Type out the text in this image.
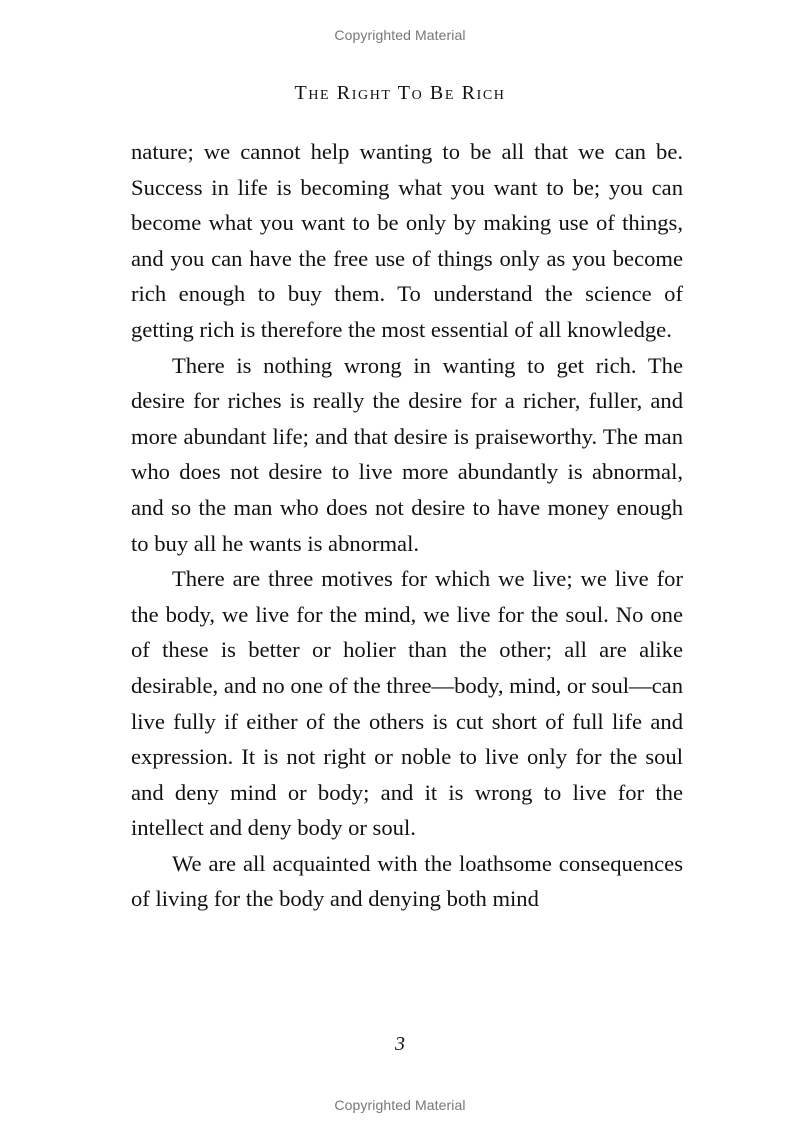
Copyrighted Material
The Right To Be Rich

nature; we cannot help wanting to be all that we can be. Success in life is becoming what you want to be; you can become what you want to be only by making use of things, and you can have the free use of things only as you become rich enough to buy them. To understand the science of getting rich is therefore the most essential of all knowledge.

There is nothing wrong in wanting to get rich. The desire for riches is really the desire for a richer, fuller, and more abundant life; and that desire is praiseworthy. The man who does not desire to live more abundantly is abnormal, and so the man who does not desire to have money enough to buy all he wants is abnormal.

There are three motives for which we live; we live for the body, we live for the mind, we live for the soul. No one of these is better or holier than the other; all are alike desirable, and no one of the three—body, mind, or soul—can live fully if either of the others is cut short of full life and expression. It is not right or noble to live only for the soul and deny mind or body; and it is wrong to live for the intellect and deny body or soul.

We are all acquainted with the loathsome consequences of living for the body and denying both mind

3
Copyrighted Material
